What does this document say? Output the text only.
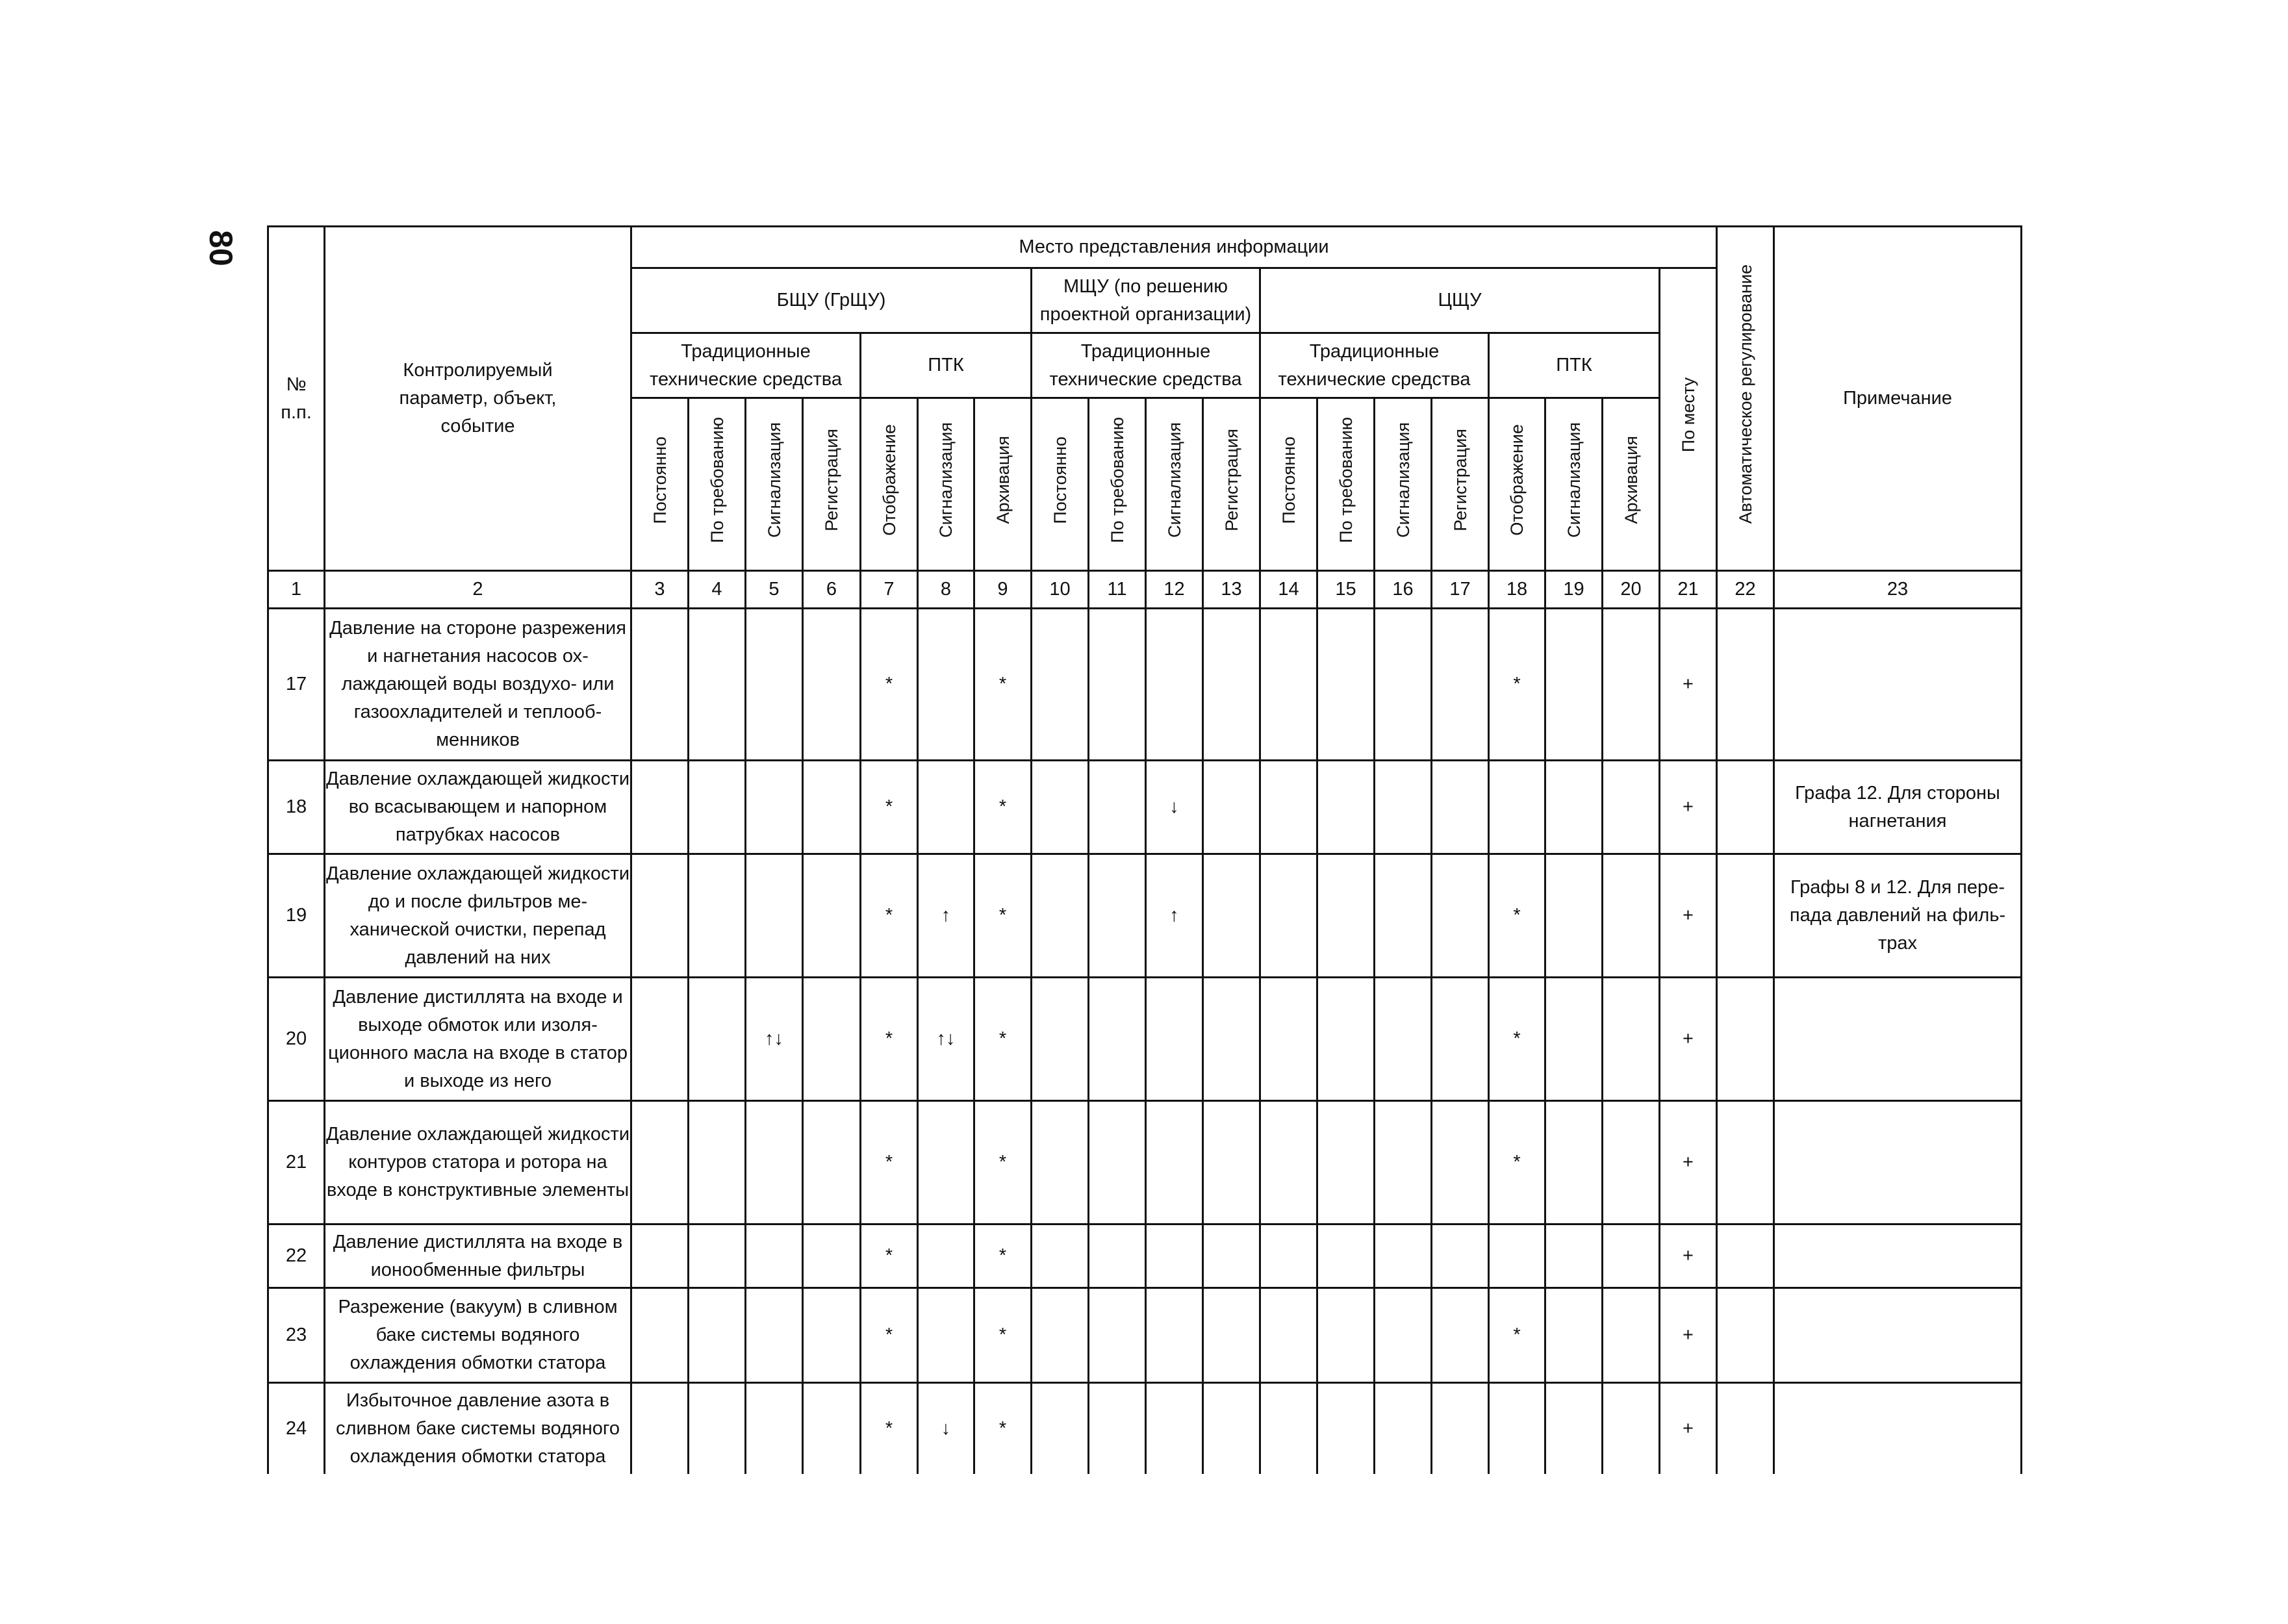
80
№ п.п.	Контролируемый параметр, объект, событие	Место представления информации																			Автоматическое регулирование	Примечание
		БЩУ (ГрЩУ)							МЩУ (по решению проектной организации)				ЦЩУ							По месту		
		Традиционные технические средства				ПТК			Традиционные технические средства				Традиционные технические средства				ПТК					
		Постоянно	По требованию	Сигнализация	Регистрация	Отображение	Сигнализация	Архивация	Постоянно	По требованию	Сигнализация	Регистрация	Постоянно	По требованию	Сигнализация	Регистрация	Отображение	Сигнализация	Архивация			
1	2	3	4	5	6	7	8	9	10	11	12	13	14	15	16	17	18	19	20	21	22	23
17	Давление на стороне разрежения и нагнетания насосов охлаждающей воды воздухо- или газоохладителей и теплообменников					*		*									*			+		
18	Давление охлаждающей жидкости во всасывающем и напорном патрубках насосов					*		*			↓									+		Графа 12. Для стороны нагнетания
19	Давление охлаждающей жидкости до и после фильтров механической очистки, перепад давлений на них					*	↑	*			↑						*			+		Графы 8 и 12. Для перепада давлений на фильтрах
20	Давление дистиллята на входе и выходе обмоток или изоляционного масла на входе в статор и выходе из него			↑↓		*	↑↓	*									*			+		
21	Давление охлаждающей жидкости контуров статора и ротора на входе в конструктивные элементы					*		*									*			+		
22	Давление дистиллята на входе в ионообменные фильтры					*		*												+		
23	Разрежение (вакуум) в сливном баке системы водяного охлаждения обмотки статора					*		*									*			+		
24	Избыточное давление азота в сливном баке системы водяного охлаждения обмотки статора					*	↓	*												+		
